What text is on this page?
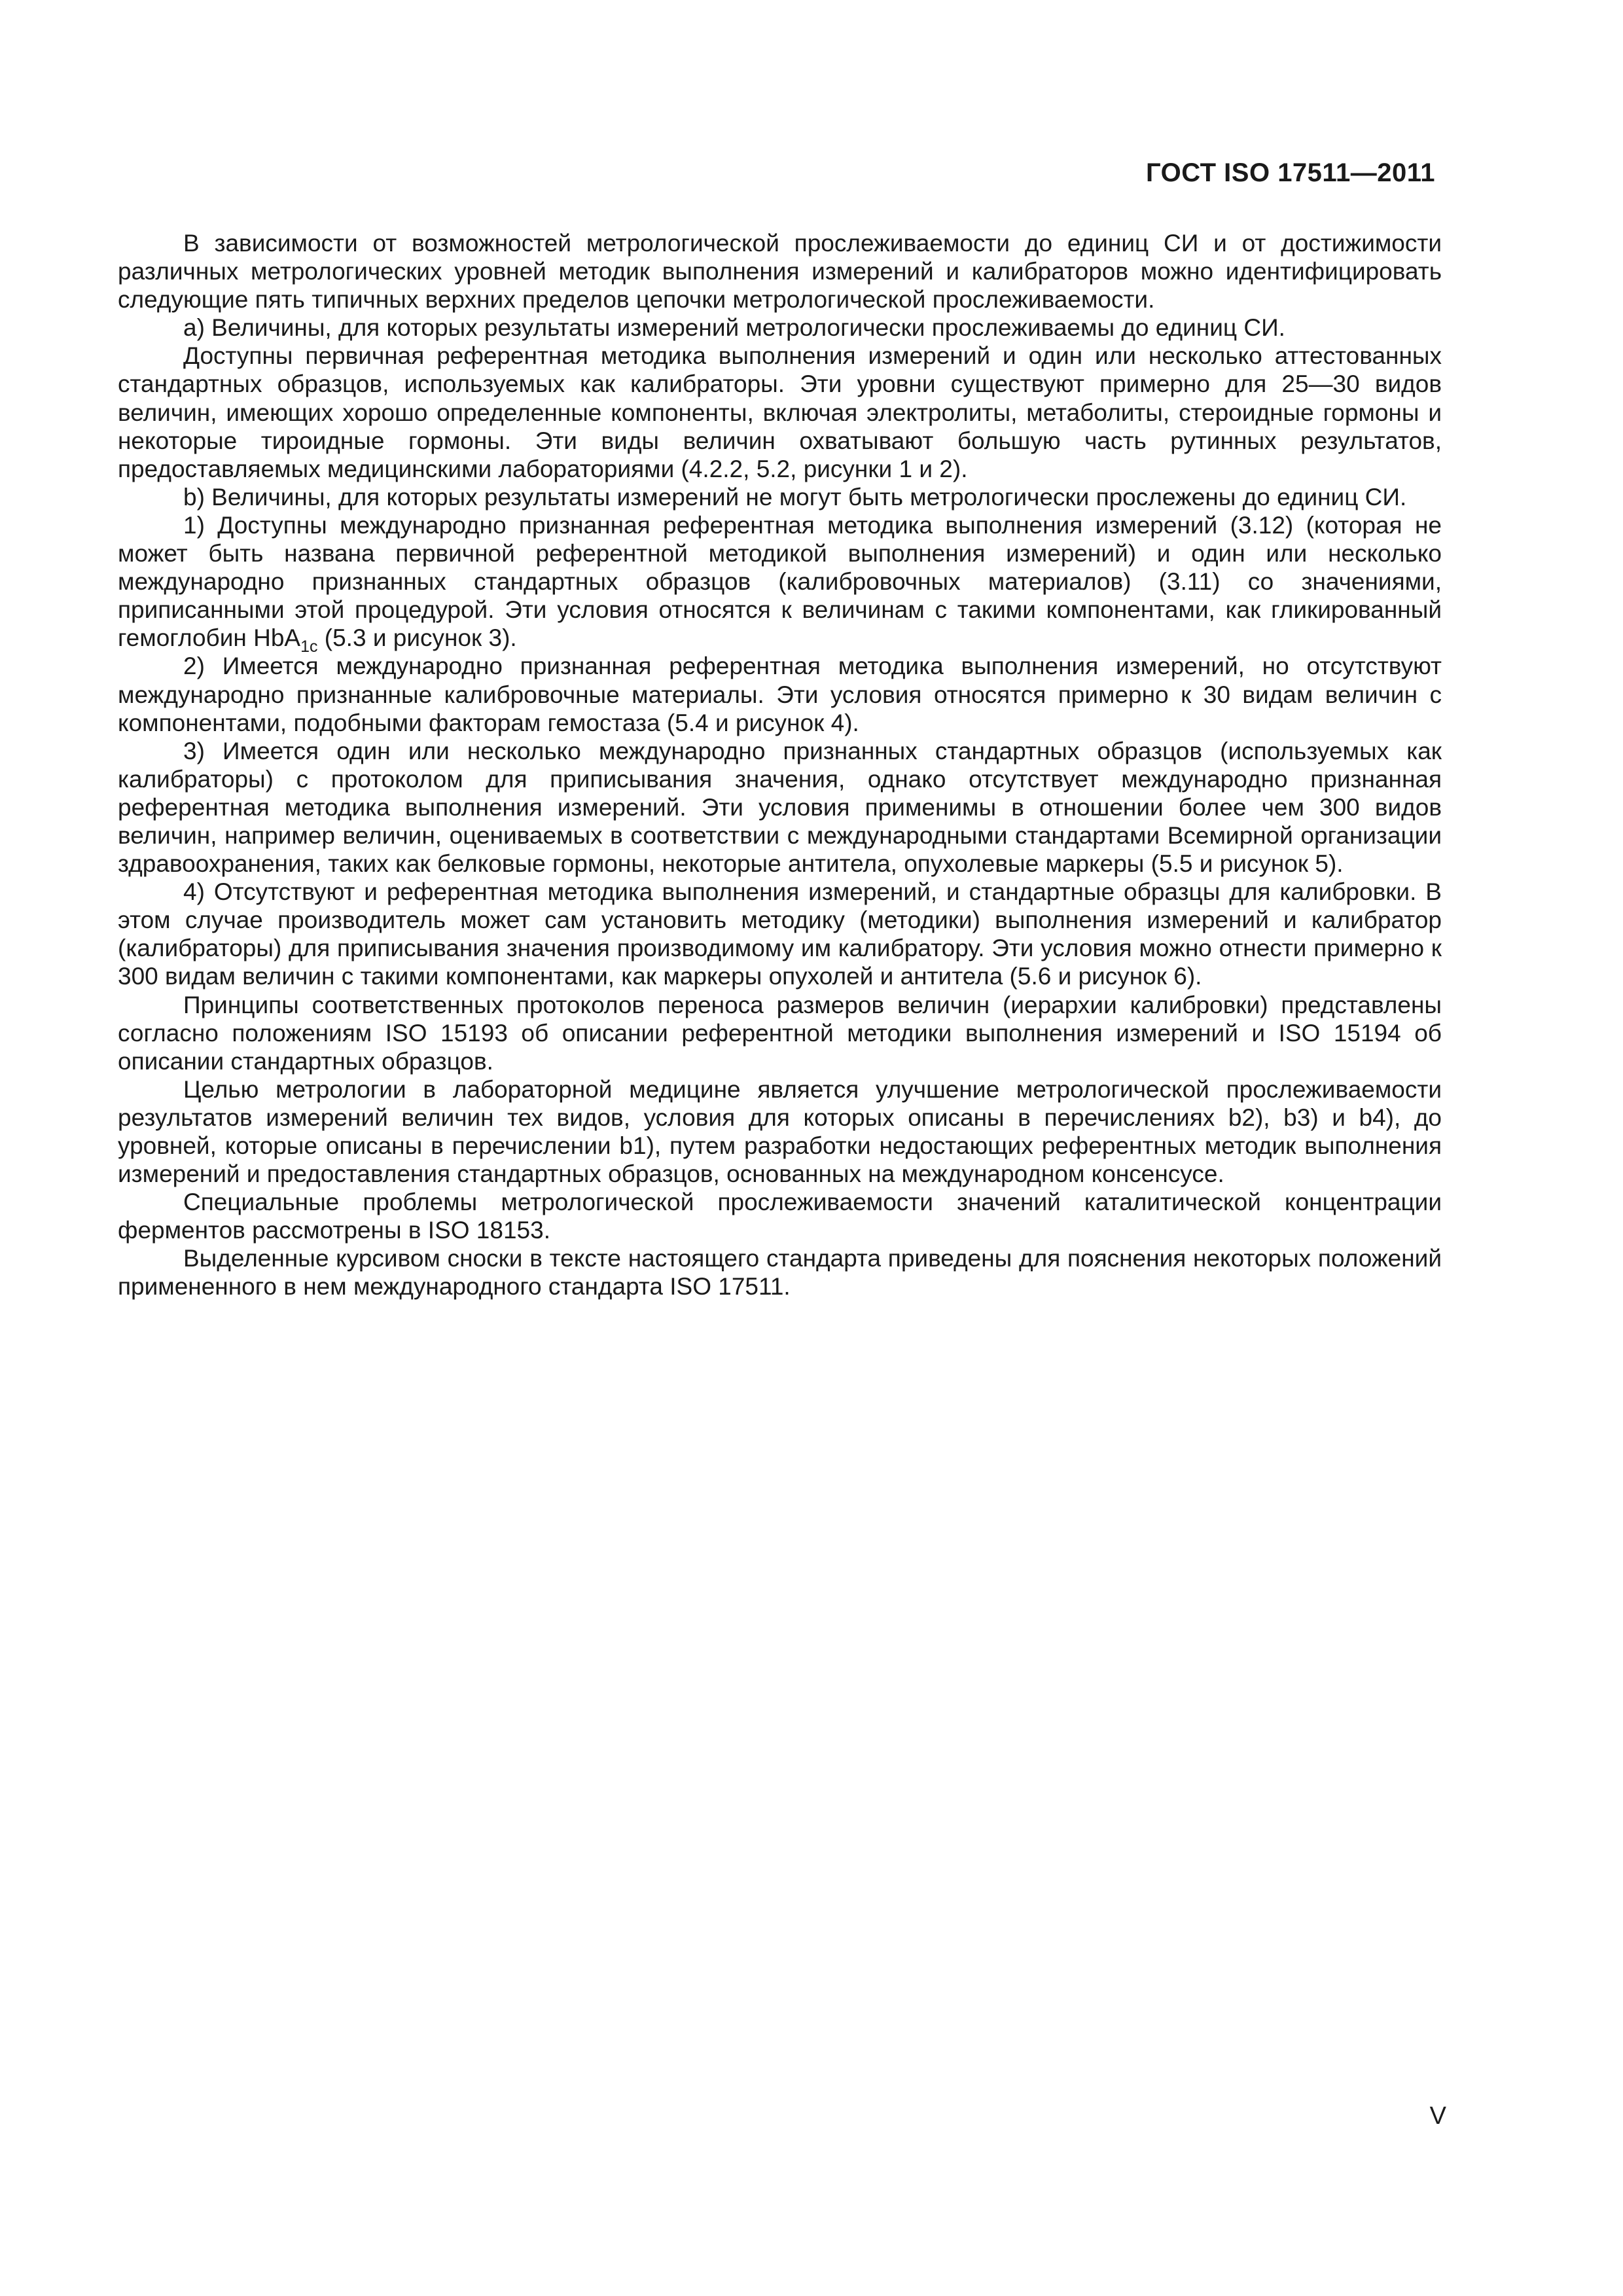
ГОСТ ISO 17511—2011

В зависимости от возможностей метрологической прослеживаемости до единиц СИ и от достижимости различных метрологических уровней методик выполнения измерений и калибраторов можно идентифицировать следующие пять типичных верхних пределов цепочки метрологической прослеживаемости.

a) Величины, для которых результаты измерений метрологически прослеживаемы до единиц СИ.

Доступны первичная референтная методика выполнения измерений и один или несколько аттестованных стандартных образцов, используемых как калибраторы. Эти уровни существуют примерно для 25—30 видов величин, имеющих хорошо определенные компоненты, включая электролиты, метаболиты, стероидные гормоны и некоторые тироидные гормоны. Эти виды величин охватывают большую часть рутинных результатов, предоставляемых медицинскими лабораториями (4.2.2, 5.2, рисунки 1 и 2).

b) Величины, для которых результаты измерений не могут быть метрологически прослежены до единиц СИ.

1) Доступны международно признанная референтная методика выполнения измерений (3.12) (которая не может быть названа первичной референтной методикой выполнения измерений) и один или несколько международно признанных стандартных образцов (калибровочных материалов) (3.11) со значениями, приписанными этой процедурой. Эти условия относятся к величинам с такими компонентами, как гликированный гемоглобин HbA$_{1c}$ (5.3 и рисунок 3).

2) Имеется международно признанная референтная методика выполнения измерений, но отсутствуют международно признанные калибровочные материалы. Эти условия относятся примерно к 30 видам величин с компонентами, подобными факторам гемостаза (5.4 и рисунок 4).

3) Имеется один или несколько международно признанных стандартных образцов (используемых как калибраторы) с протоколом для приписывания значения, однако отсутствует международно признанная референтная методика выполнения измерений. Эти условия применимы в отношении более чем 300 видов величин, например величин, оцениваемых в соответствии с международными стандартами Всемирной организации здравоохранения, таких как белковые гормоны, некоторые антитела, опухолевые маркеры (5.5 и рисунок 5).

4) Отсутствуют и референтная методика выполнения измерений, и стандартные образцы для калибровки. В этом случае производитель может сам установить методику (методики) выполнения измерений и калибратор (калибраторы) для приписывания значения производимому им калибратору. Эти условия можно отнести примерно к 300 видам величин с такими компонентами, как маркеры опухолей и антитела (5.6 и рисунок 6).

Принципы соответственных протоколов переноса размеров величин (иерархии калибровки) представлены согласно положениям ISO 15193 об описании референтной методики выполнения измерений и ISO 15194 об описании стандартных образцов.

Целью метрологии в лабораторной медицине является улучшение метрологической прослеживаемости результатов измерений величин тех видов, условия для которых описаны в перечислениях b2), b3) и b4), до уровней, которые описаны в перечислении b1), путем разработки недостающих референтных методик выполнения измерений и предоставления стандартных образцов, основанных на международном консенсусе.

Специальные проблемы метрологической прослеживаемости значений каталитической концентрации ферментов рассмотрены в ISO 18153.

Выделенные курсивом сноски в тексте настоящего стандарта приведены для пояснения некоторых положений примененного в нем международного стандарта ISO 17511.

V
